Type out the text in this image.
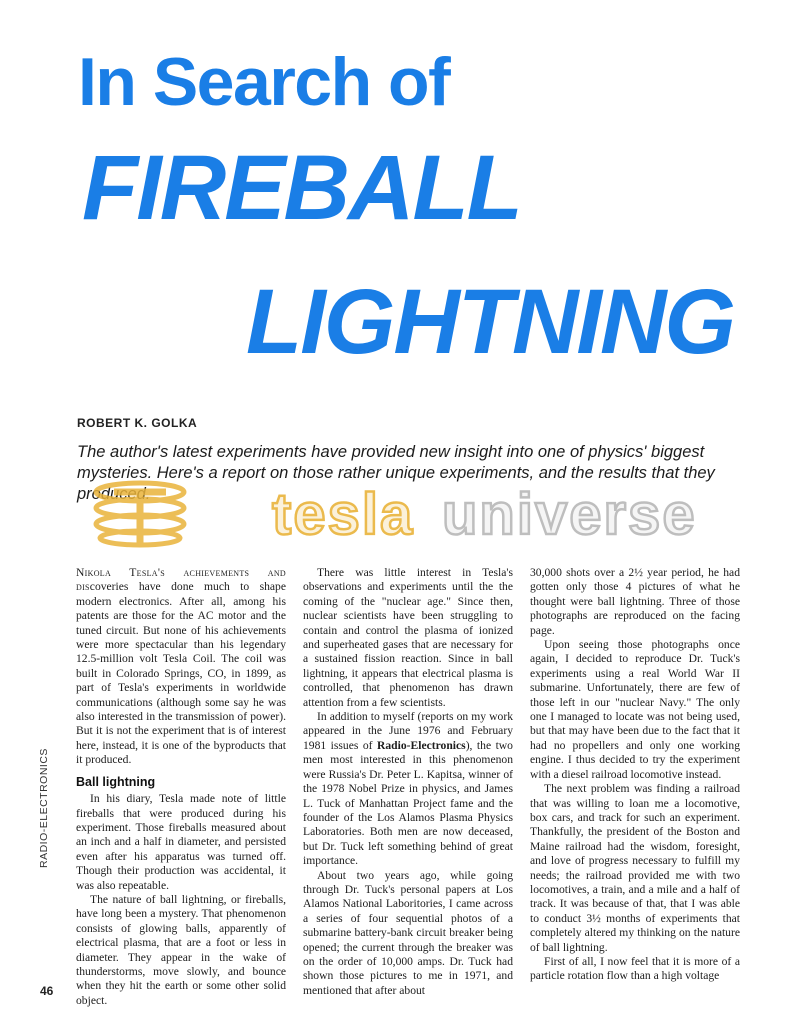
In Search of
FIREBALL
LIGHTNING

ROBERT K. GOLKA

The author's latest experiments have provided new insight into one of physics' biggest mysteries. Here's a report on those rather unique experiments, and the results that they produced.	tesla universe

Nikola Tesla's achievements and discoveries have done much to shape modern electronics. After all, among his patents are those for the AC motor and the tuned circuit. But none of his achievements were more spectacular than his legendary 12.5-million volt Tesla Coil. The coil was built in Colorado Springs, CO, in 1899, as part of Tesla's experiments in worldwide communications (although some say he was also interested in the transmission of power). But it is not the experiment that is of interest here, instead, it is one of the byproducts that it produced.

Ball lightning

In his diary, Tesla made note of little fireballs that were produced during his experiment. Those fireballs measured about an inch and a half in diameter, and persisted even after his apparatus was turned off. Though their production was accidental, it was also repeatable.

The nature of ball lightning, or fireballs, have long been a mystery. That phenomenon consists of glowing balls, apparently of electrical plasma, that are a foot or less in diameter. They appear in the wake of thunderstorms, move slowly, and bounce when they hit the earth or some other solid object.

There was little interest in Tesla's observations and experiments until the the coming of the "nuclear age." Since then, nuclear scientists have been struggling to contain and control the plasma of ionized and superheated gases that are necessary for a sustained fission reaction. Since in ball lightning, it appears that electrical plasma is controlled, that phenomenon has drawn attention from a few scientists.

In addition to myself (reports on my work appeared in the June 1976 and February 1981 issues of Radio-Electronics), the two men most interested in this phenomenon were Russia's Dr. Peter L. Kapitsa, winner of the 1978 Nobel Prize in physics, and James L. Tuck of Manhattan Project fame and the founder of the Los Alamos Plasma Physics Laboratories. Both men are now deceased, but Dr. Tuck left something behind of great importance.

About two years ago, while going through Dr. Tuck's personal papers at Los Alamos National Laboritories, I came across a series of four sequential photos of a submarine battery-bank circuit breaker being opened; the current through the breaker was on the order of 10,000 amps. Dr. Tuck had shown those pictures to me in 1971, and mentioned that after about

30,000 shots over a 2½ year period, he had gotten only those 4 pictures of what he thought were ball lightning. Three of those photographs are reproduced on the facing page.

Upon seeing those photographs once again, I decided to reproduce Dr. Tuck's experiments using a real World War II submarine. Unfortunately, there are few of those left in our "nuclear Navy." The only one I managed to locate was not being used, but that may have been due to the fact that it had no propellers and only one working engine. I thus decided to try the experiment with a diesel railroad locomotive instead.

The next problem was finding a railroad that was willing to loan me a locomotive, box cars, and track for such an experiment. Thankfully, the president of the Boston and Maine railroad had the wisdom, foresight, and love of progress necessary to fulfill my needs; the railroad provided me with two locomotives, a train, and a mile and a half of track. It was because of that, that I was able to conduct 3½ months of experiments that completely altered my thinking on the nature of ball lightning.

First of all, I now feel that it is more of a particle rotation flow than a high voltage

RADIO-ELECTRONICS

46
